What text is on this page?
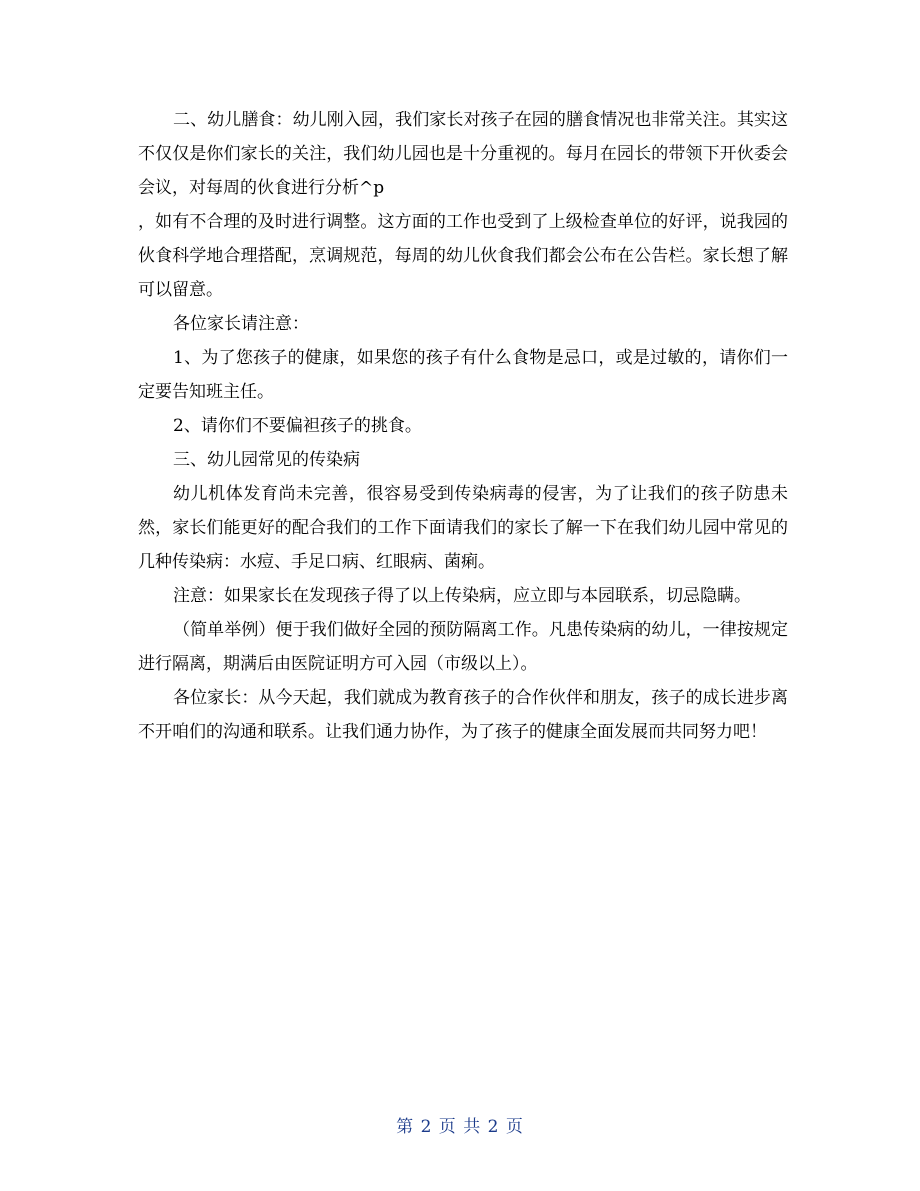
二、幼儿膳食：幼儿刚入园，我们家长对孩子在园的膳食情况也非常关注。其实这不仅仅是你们家长的关注，我们幼儿园也是十分重视的。每月在园长的带领下开伙委会会议，对每周的伙食进行分析^p

，如有不合理的及时进行调整。这方面的工作也受到了上级检查单位的好评，说我园的伙食科学地合理搭配，烹调规范，每周的幼儿伙食我们都会公布在公告栏。家长想了解可以留意。

各位家长请注意：

1、为了您孩子的健康，如果您的孩子有什么食物是忌口，或是过敏的，请你们一定要告知班主任。

2、请你们不要偏袒孩子的挑食。

三、幼儿园常见的传染病

幼儿机体发育尚未完善，很容易受到传染病毒的侵害，为了让我们的孩子防患未然，家长们能更好的配合我们的工作下面请我们的家长了解一下在我们幼儿园中常见的几种传染病：水痘、手足口病、红眼病、菌痢。

注意：如果家长在发现孩子得了以上传染病，应立即与本园联系，切忌隐瞒。

（简单举例）便于我们做好全园的预防隔离工作。凡患传染病的幼儿，一律按规定进行隔离，期满后由医院证明方可入园（市级以上）。

各位家长：从今天起，我们就成为教育孩子的合作伙伴和朋友，孩子的成长进步离不开咱们的沟通和联系。让我们通力协作，为了孩子的健康全面发展而共同努力吧！

第 2 页 共 2 页
